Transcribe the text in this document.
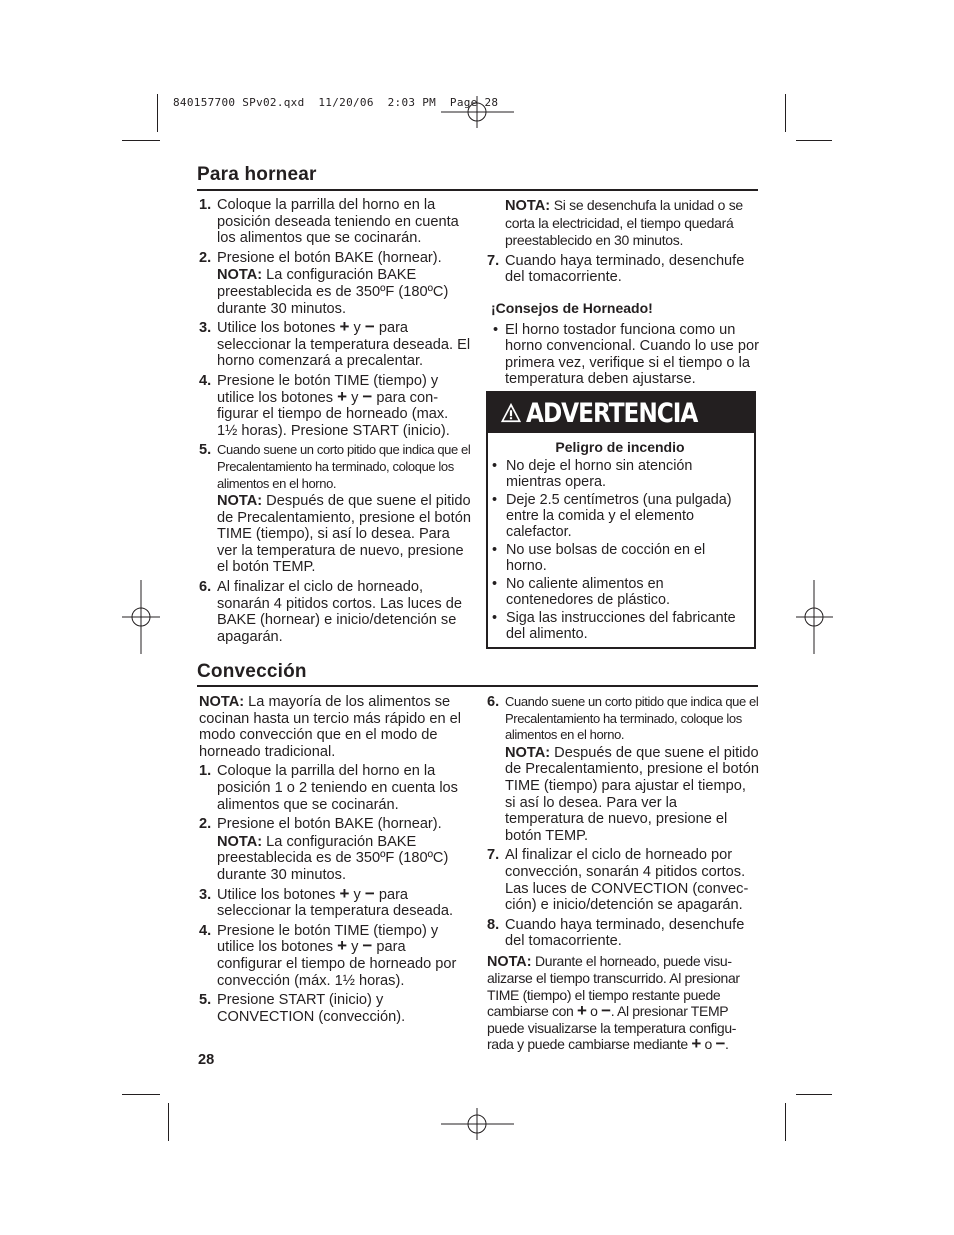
840157700 SPv02.qxd  11/20/06  2:03 PM  Page 28
Para hornear
1. Coloque la parrilla del horno en la posición deseada teniendo en cuenta los alimentos que se cocinarán.
2. Presione el botón BAKE (hornear).
NOTA: La configuración BAKE preestablecida es de 350ºF (180ºC) durante 30 minutos.
3. Utilice los botones + y − para seleccionar la temperatura deseada. El horno comenzará a precalentar.
4. Presione le botón TIME (tiempo) y utilice los botones + y − para con-figurar el tiempo de horneado (max. 1½ horas). Presione START (inicio).
5. Cuando suene un corto pitido que indica que el Precalentamiento ha terminado, coloque los alimentos en el horno.
NOTA: Después de que suene el pitido de Precalentamiento, presione el botón TIME (tiempo), si así lo desea. Para ver la temperatura de nuevo, presione el botón TEMP.
6. Al finalizar el ciclo de horneado, sonarán 4 pitidos cortos. Las luces de BAKE (hornear) e inicio/detención se apagarán.
NOTA: Si se desenchufa la unidad o se corta la electricidad, el tiempo quedará preestablecido en 30 minutos.
7. Cuando haya terminado, desenchufe del tomacorriente.

¡Consejos de Horneado!

• El horno tostador funciona como un horno convencional. Cuando lo use por primera vez, verifique si el tiempo o la temperatura deben ajustarse.
ADVERTENCIA

Peligro de incendio

• No deje el horno sin atención mientras opera.
• Deje 2.5 centímetros (una pulgada) entre la comida y el elemento calefactor.
• No use bolsas de cocción en el horno.
• No caliente alimentos en contenedores de plástico.
• Siga las instrucciones del fabricante del alimento.
Convección

NOTA: La mayoría de los alimentos se cocinan hasta un tercio más rápido en el modo convección que en el modo de horneado tradicional.

1. Coloque la parrilla del horno en la posición 1 o 2 teniendo en cuenta los alimentos que se cocinarán.
2. Presione el botón BAKE (hornear).
NOTA: La configuración BAKE preestablecida es de 350ºF (180ºC) durante 30 minutos.
3. Utilice los botones + y − para seleccionar la temperatura deseada.
4. Presione le botón TIME (tiempo) y utilice los botones + y − para configurar el tiempo de horneado por convección (máx. 1½ horas).
5. Presione START (inicio) y CONVECTION (convección).
6. Cuando suene un corto pitido que indica que el Precalentamiento ha terminado, coloque los alimentos en el horno.
NOTA: Después de que suene el pitido de Precalentamiento, presione el botón TIME (tiempo) para ajustar el tiempo, si así lo desea. Para ver la temperatura de nuevo, presione el botón TEMP.
7. Al finalizar el ciclo de horneado por convección, sonarán 4 pitidos cortos. Las luces de CONVECTION (convec-ción) e inicio/detención se apagarán.
8. Cuando haya terminado, desenchufe del tomacorriente.

NOTA: Durante el horneado, puede visu-alizarse el tiempo transcurrido. Al presionar TIME (tiempo) el tiempo restante puede cambiarse con + o −. Al presionar TEMP puede visualizarse la temperatura configu-rada y puede cambiarse mediante + o −.

28
